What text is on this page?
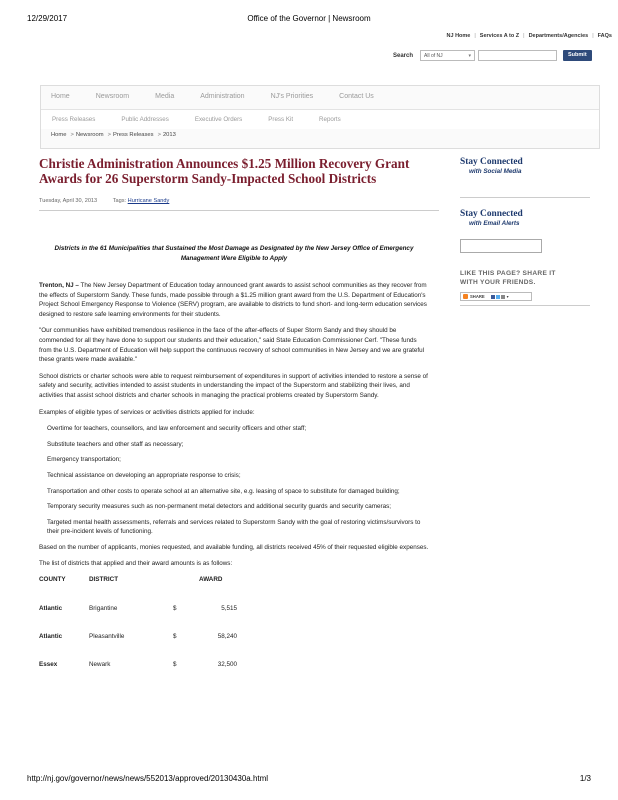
12/29/2017	Office of the Governor | Newsroom
NJ Home | Services A to Z | Departments/Agencies | FAQs
Search	All of NJ	▾	Submit
Home	Newsroom	Media	Administration	NJ's Priorities	Contact Us
Press Releases	Public Addresses	Executive Orders	Press Kit	Reports
Home > Newsroom > Press Releases > 2013
Christie Administration Announces $1.25 Million Recovery Grant Awards for 26 Superstorm Sandy-Impacted School Districts
Tuesday, April 30, 2013	Tags: Hurricane Sandy
Districts in the 61 Municipalities that Sustained the Most Damage as Designated by the New Jersey Office of Emergency Management Were Eligible to Apply

Trenton, NJ – The New Jersey Department of Education today announced grant awards to assist school communities as they recover from the effects of Superstorm Sandy. These funds, made possible through a $1.25 million grant award from the U.S. Department of Education's Project School Emergency Response to Violence (SERV) program, are available to districts to fund short- and long-term education services designed to restore safe learning environments for their students.

"Our communities have exhibited tremendous resilience in the face of the after-effects of Super Storm Sandy and they should be commended for all they have done to support our students and their education," said State Education Commissioner Cerf. "These funds from the U.S. Department of Education will help support the continuous recovery of school communities in New Jersey and we are grateful these grants were made available."

School districts or charter schools were able to request reimbursement of expenditures in support of activities intended to restore a sense of safety and security, activities intended to assist students in understanding the impact of the Superstorm and stabilizing their lives, and activities that assist school districts and charter schools in managing the practical problems created by Superstorm Sandy.

Examples of eligible types of services or activities districts applied for include:

Overtime for teachers, counsellors, and law enforcement and security officers and other staff;
Substitute teachers and other staff as necessary;
Emergency transportation;
Technical assistance on developing an appropriate response to crisis;
Transportation and other costs to operate school at an alternative site, e.g. leasing of space to substitute for damaged building;
Temporary security measures such as non-permanent metal detectors and additional security guards and security cameras;
Targeted mental health assessments, referrals and services related to Superstorm Sandy with the goal of restoring victims/survivors to their pre-incident levels of functioning.

Based on the number of applicants, monies requested, and available funding, all districts received 45% of their requested eligible expenses.

The list of districts that applied and their award amounts is as follows:

COUNTY	DISTRICT	AWARD
Atlantic	Brigantine	$	5,515
Atlantic	Pleasantville	$	58,240
Essex	Newark	$	32,500
Stay Connected
with Social Media
Stay Connected
with Email Alerts
LIKE THIS PAGE? SHARE IT
WITH YOUR FRIENDS.
SHARE	▾
http://nj.gov/governor/news/news/552013/approved/20130430a.html	1/3
